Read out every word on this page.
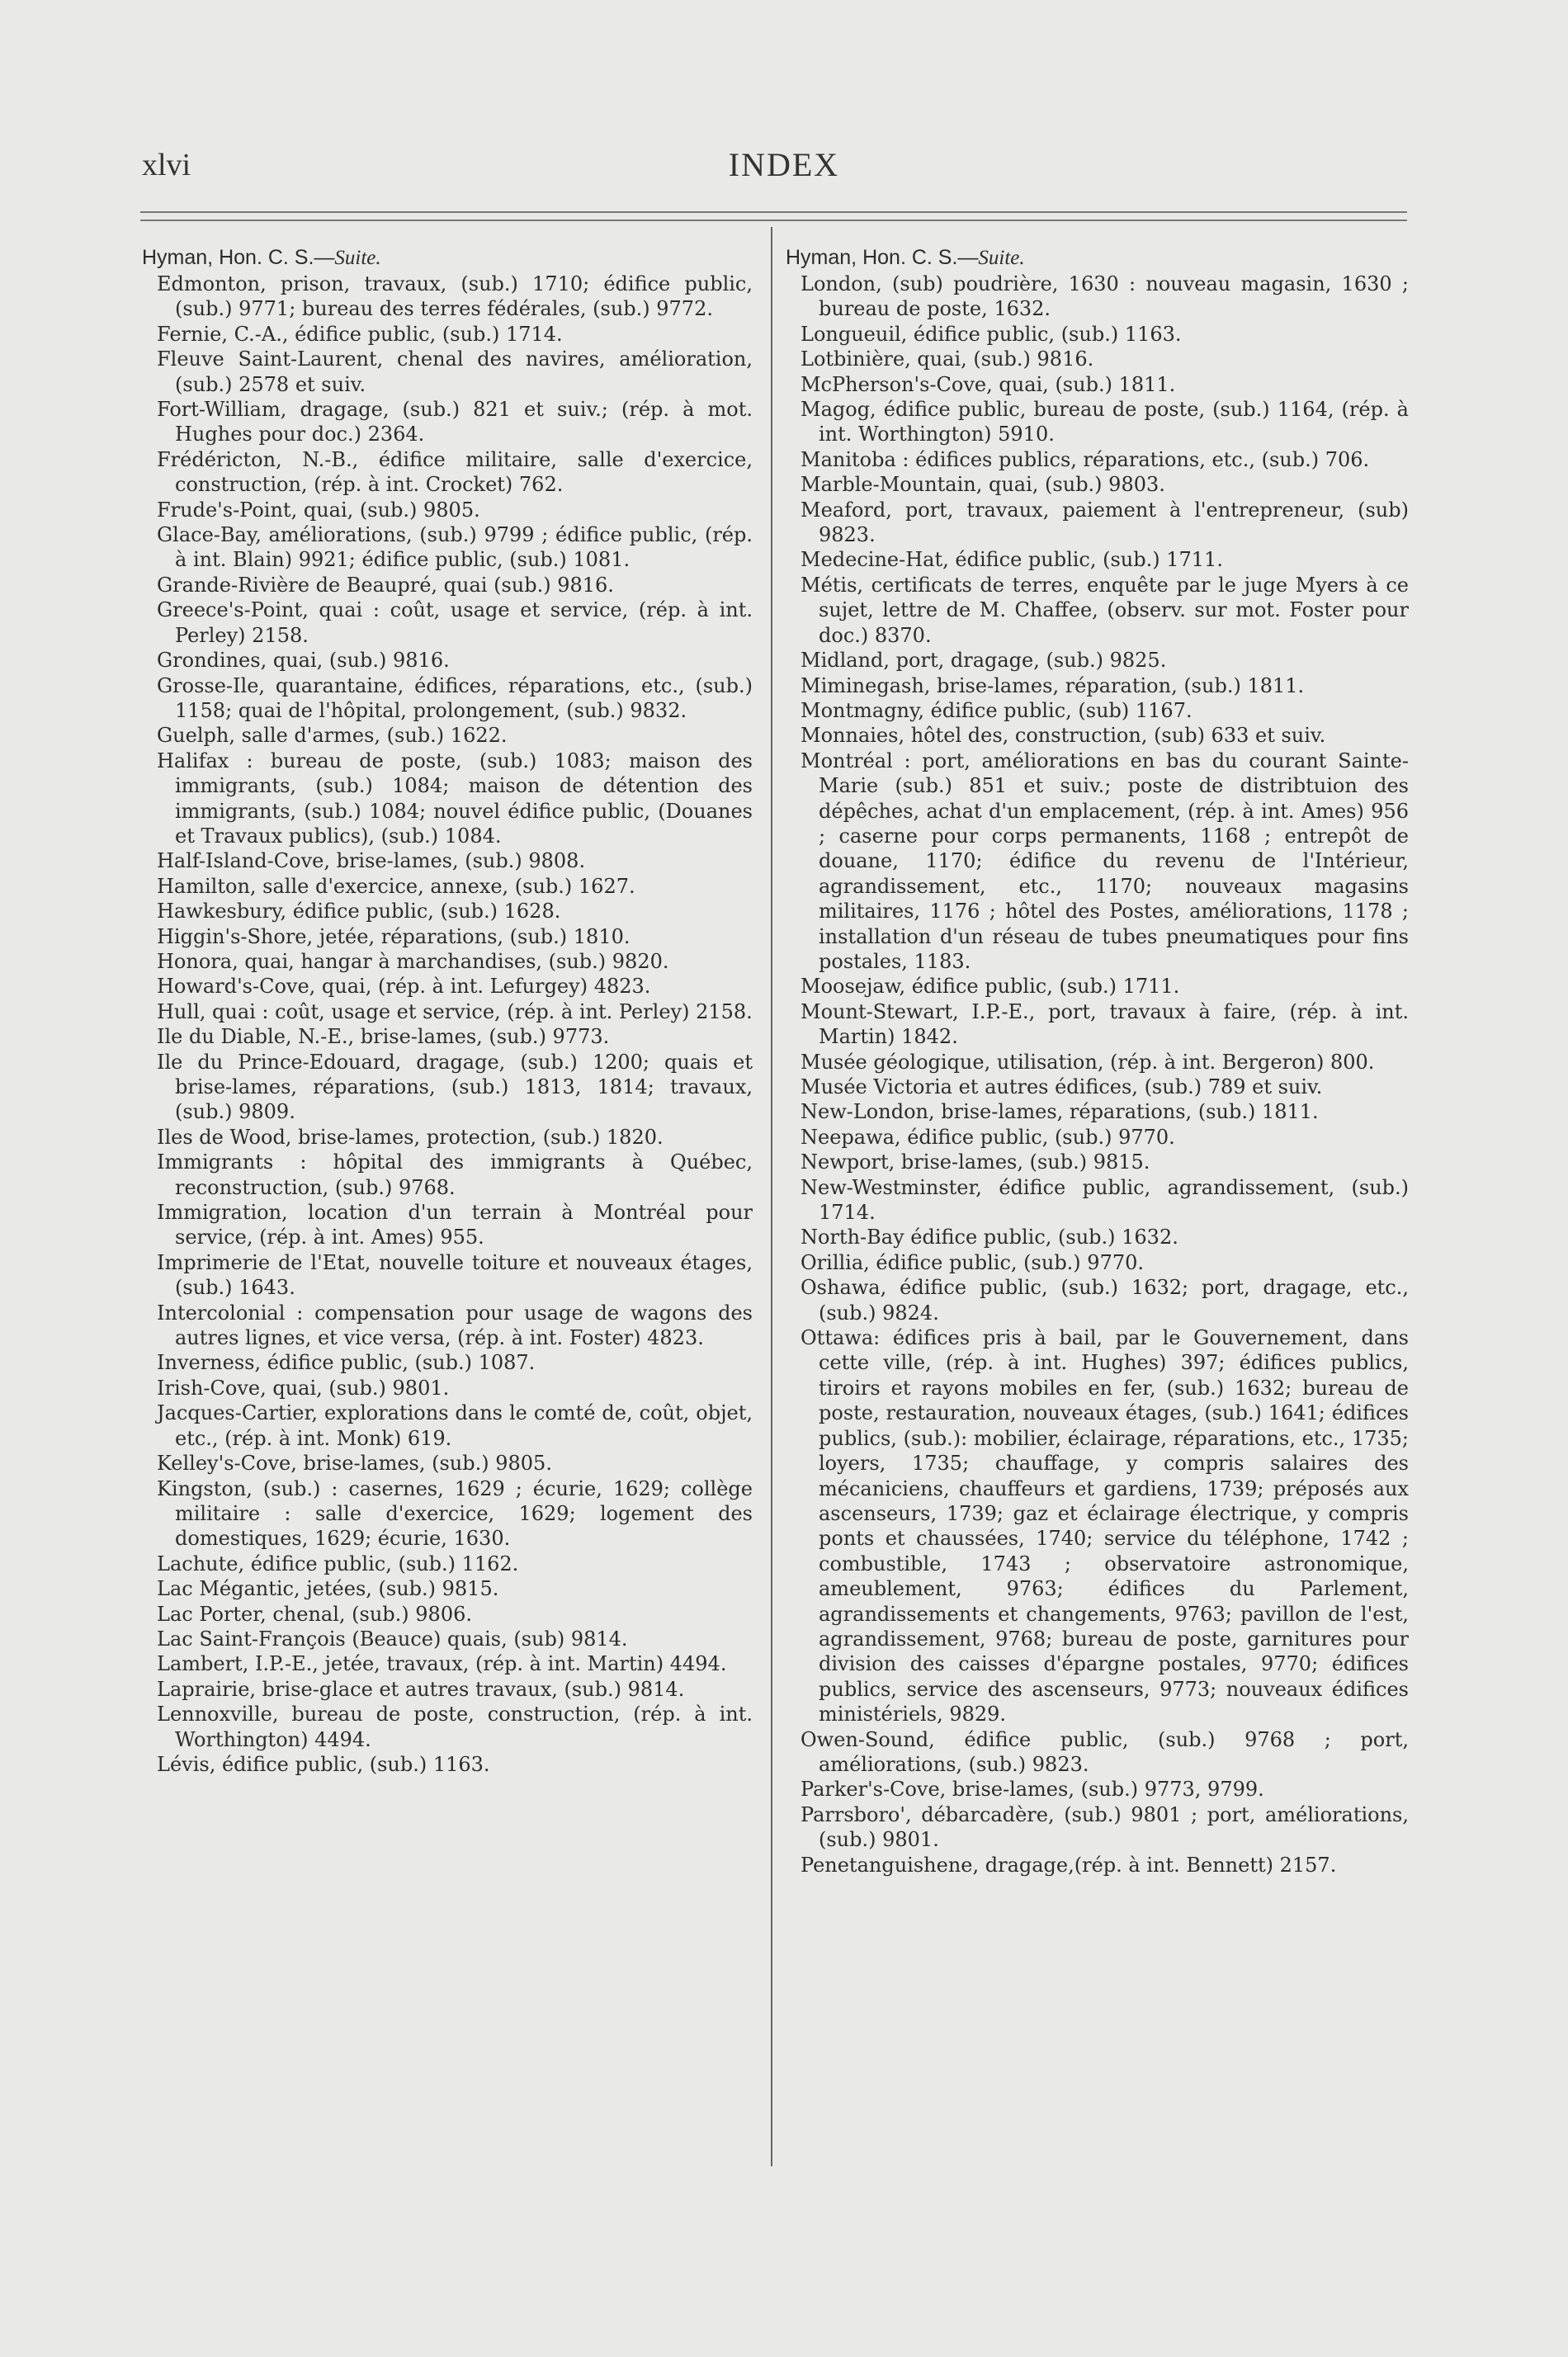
xlvi	INDEX

Hyman, Hon. C. S.—Suite.

Edmonton, prison, travaux, (sub.) 1710; édifice public, (sub.) 9771; bureau des terres fédérales, (sub.) 9772.

Fernie, C.-A., édifice public, (sub.) 1714.

Fleuve Saint-Laurent, chenal des navires, amélioration, (sub.) 2578 et suiv.

Fort-William, dragage, (sub.) 821 et suiv.; (rép. à mot. Hughes pour doc.) 2364.

Frédéricton, N.-B., édifice militaire, salle d'exercice, construction, (rép. à int. Crocket) 762.

Frude's-Point, quai, (sub.) 9805.

Glace-Bay, améliorations, (sub.) 9799 ; édifice public, (rép. à int. Blain) 9921; édifice public, (sub.) 1081.

Grande-Rivière de Beaupré, quai (sub.) 9816.

Greece's-Point, quai : coût, usage et service, (rép. à int. Perley) 2158.

Grondines, quai, (sub.) 9816.

Grosse-Ile, quarantaine, édifices, réparations, etc., (sub.) 1158; quai de l'hôpital, prolongement, (sub.) 9832.

Guelph, salle d'armes, (sub.) 1622.

Halifax : bureau de poste, (sub.) 1083; maison des immigrants, (sub.) 1084; maison de détention des immigrants, (sub.) 1084; nouvel édifice public, (Douanes et Travaux publics), (sub.) 1084.

Half-Island-Cove, brise-lames, (sub.) 9808.

Hamilton, salle d'exercice, annexe, (sub.) 1627.

Hawkesbury, édifice public, (sub.) 1628.

Higgin's-Shore, jetée, réparations, (sub.) 1810.

Honora, quai, hangar à marchandises, (sub.) 9820.

Howard's-Cove, quai, (rép. à int. Lefurgey) 4823.

Hull, quai : coût, usage et service, (rép. à int. Perley) 2158.

Ile du Diable, N.-E., brise-lames, (sub.) 9773.

Ile du Prince-Edouard, dragage, (sub.) 1200; quais et brise-lames, réparations, (sub.) 1813, 1814; travaux, (sub.) 9809.

Iles de Wood, brise-lames, protection, (sub.) 1820.

Immigrants : hôpital des immigrants à Québec, reconstruction, (sub.) 9768.

Immigration, location d'un terrain à Montréal pour service, (rép. à int. Ames) 955.

Imprimerie de l'Etat, nouvelle toiture et nouveaux étages, (sub.) 1643.

Intercolonial : compensation pour usage de wagons des autres lignes, et vice versa, (rép. à int. Foster) 4823.

Inverness, édifice public, (sub.) 1087.

Irish-Cove, quai, (sub.) 9801.

Jacques-Cartier, explorations dans le comté de, coût, objet, etc., (rép. à int. Monk) 619.

Kelley's-Cove, brise-lames, (sub.) 9805.

Kingston, (sub.) : casernes, 1629 ; écurie, 1629; collège militaire : salle d'exercice, 1629; logement des domestiques, 1629; écurie, 1630.

Lachute, édifice public, (sub.) 1162.

Lac Mégantic, jetées, (sub.) 9815.

Lac Porter, chenal, (sub.) 9806.

Lac Saint-François (Beauce) quais, (sub) 9814.

Lambert, I.P.-E., jetée, travaux, (rép. à int. Martin) 4494.

Laprairie, brise-glace et autres travaux, (sub.) 9814.

Lennoxville, bureau de poste, construction, (rép. à int. Worthington) 4494.

Lévis, édifice public, (sub.) 1163.

Hyman, Hon. C. S.—Suite.

London, (sub) poudrière, 1630 : nouveau magasin, 1630 ; bureau de poste, 1632.

Longueuil, édifice public, (sub.) 1163.

Lotbinière, quai, (sub.) 9816.

McPherson's-Cove, quai, (sub.) 1811.

Magog, édifice public, bureau de poste, (sub.) 1164, (rép. à int. Worthington) 5910.

Manitoba : édifices publics, réparations, etc., (sub.) 706.

Marble-Mountain, quai, (sub.) 9803.

Meaford, port, travaux, paiement à l'entrepreneur, (sub) 9823.

Medecine-Hat, édifice public, (sub.) 1711.

Métis, certificats de terres, enquête par le juge Myers à ce sujet, lettre de M. Chaffee, (observ. sur mot. Foster pour doc.) 8370.

Midland, port, dragage, (sub.) 9825.

Miminegash, brise-lames, réparation, (sub.) 1811.

Montmagny, édifice public, (sub) 1167.

Monnaies, hôtel des, construction, (sub) 633 et suiv.

Montréal : port, améliorations en bas du courant Sainte-Marie (sub.) 851 et suiv.; poste de distribtuion des dépêches, achat d'un emplacement, (rép. à int. Ames) 956 ; caserne pour corps permanents, 1168 ; entrepôt de douane, 1170; édifice du revenu de l'Intérieur, agrandissement, etc., 1170; nouveaux magasins militaires, 1176 ; hôtel des Postes, améliorations, 1178 ; installation d'un réseau de tubes pneumatiques pour fins postales, 1183.

Moosejaw, édifice public, (sub.) 1711.

Mount-Stewart, I.P.-E., port, travaux à faire, (rép. à int. Martin) 1842.

Musée géologique, utilisation, (rép. à int. Bergeron) 800.

Musée Victoria et autres édifices, (sub.) 789 et suiv.

New-London, brise-lames, réparations, (sub.) 1811.

Neepawa, édifice public, (sub.) 9770.

Newport, brise-lames, (sub.) 9815.

New-Westminster, édifice public, agrandissement, (sub.) 1714.

North-Bay édifice public, (sub.) 1632.

Orillia, édifice public, (sub.) 9770.

Oshawa, édifice public, (sub.) 1632; port, dragage, etc., (sub.) 9824.

Ottawa: édifices pris à bail, par le Gouvernement, dans cette ville, (rép. à int. Hughes) 397; édifices publics, tiroirs et rayons mobiles en fer, (sub.) 1632; bureau de poste, restauration, nouveaux étages, (sub.) 1641; édifices publics, (sub.): mobilier, éclairage, réparations, etc., 1735; loyers, 1735; chauffage, y compris salaires des mécaniciens, chauffeurs et gardiens, 1739; préposés aux ascenseurs, 1739; gaz et éclairage électrique, y compris ponts et chaussées, 1740; service du téléphone, 1742 ; combustible, 1743 ; observatoire astronomique, ameublement, 9763; édifices du Parlement, agrandissements et changements, 9763; pavillon de l'est, agrandissement, 9768; bureau de poste, garnitures pour division des caisses d'épargne postales, 9770; édifices publics, service des ascenseurs, 9773; nouveaux édifices ministériels, 9829.

Owen-Sound, édifice public, (sub.) 9768 ; port, améliorations, (sub.) 9823.

Parker's-Cove, brise-lames, (sub.) 9773, 9799.

Parrsboro', débarcadère, (sub.) 9801 ; port, améliorations, (sub.) 9801.

Penetanguishene, dragage,(rép. à int. Bennett) 2157.
